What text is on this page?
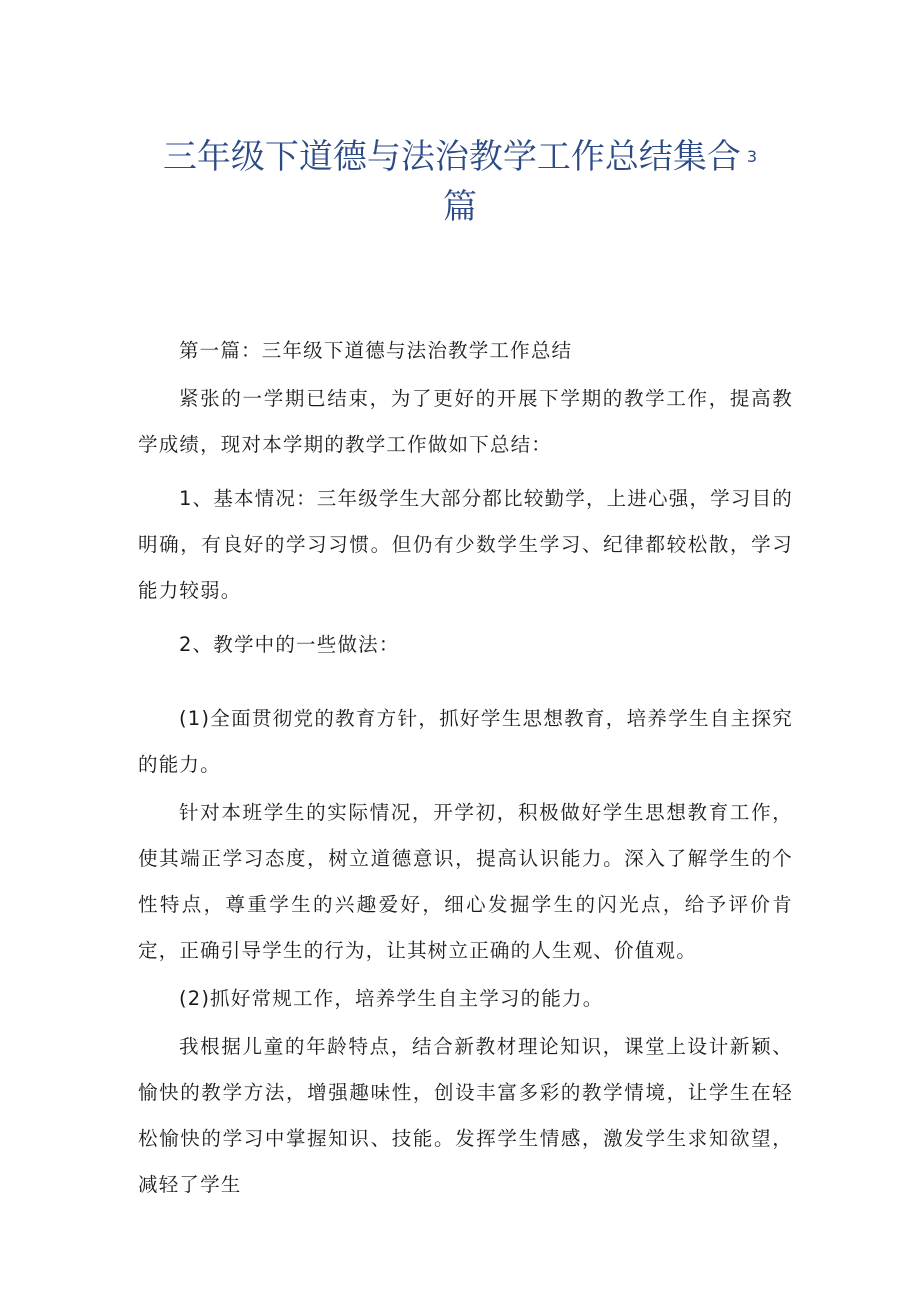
三年级下道德与法治教学工作总结集合 $^3$
篇

第一篇：三年级下道德与法治教学工作总结

紧张的一学期已结束，为了更好的开展下学期的教学工作，提高教学成绩，现对本学期的教学工作做如下总结：

1、基本情况：三年级学生大部分都比较勤学，上进心强，学习目的明确，有良好的学习习惯。但仍有少数学生学习、纪律都较松散，学习能力较弱。

2、教学中的一些做法：

(1)全面贯彻党的教育方针，抓好学生思想教育，培养学生自主探究的能力。

针对本班学生的实际情况，开学初，积极做好学生思想教育工作，使其端正学习态度，树立道德意识，提高认识能力。深入了解学生的个性特点，尊重学生的兴趣爱好，细心发掘学生的闪光点，给予评价肯定，正确引导学生的行为，让其树立正确的人生观、价值观。

(2)抓好常规工作，培养学生自主学习的能力。

我根据儿童的年龄特点，结合新教材理论知识，课堂上设计新颖、愉快的教学方法，增强趣味性，创设丰富多彩的教学情境，让学生在轻松愉快的学习中掌握知识、技能。发挥学生情感，激发学生求知欲望，减轻了学生
